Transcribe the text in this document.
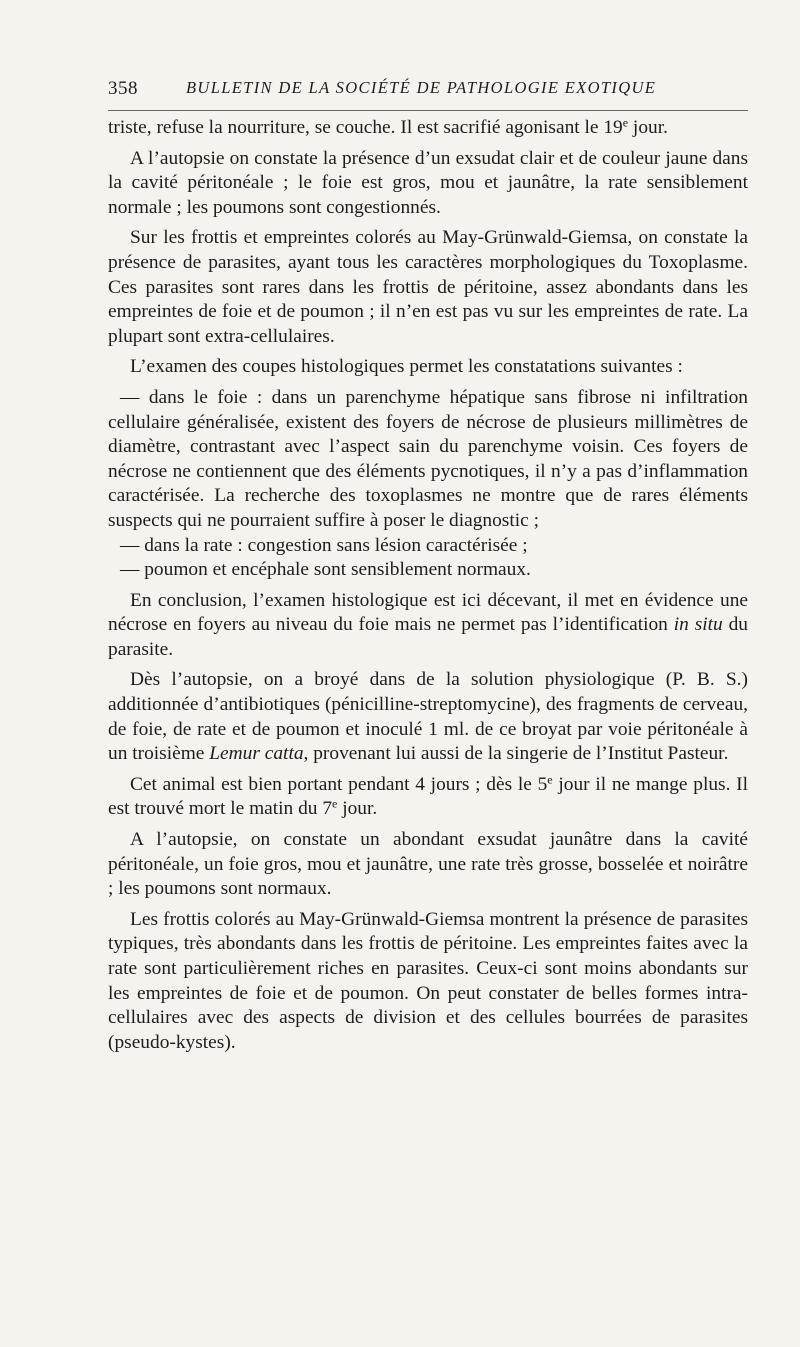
358	BULLETIN DE LA SOCIÉTÉ DE PATHOLOGIE EXOTIQUE

triste, refuse la nourriture, se couche. Il est sacrifié agonisant le 19e jour.

A l’autopsie on constate la présence d’un exsudat clair et de couleur jaune dans la cavité péritonéale ; le foie est gros, mou et jaunâtre, la rate sensiblement normale ; les poumons sont congestionnés.

Sur les frottis et empreintes colorés au May-Grünwald-Giemsa, on constate la présence de parasites, ayant tous les caractères morphologiques du Toxoplasme. Ces parasites sont rares dans les frottis de péritoine, assez abondants dans les empreintes de foie et de poumon ; il n’en est pas vu sur les empreintes de rate. La plupart sont extra-cellulaires.

L’examen des coupes histologiques permet les constatations suivantes :

— dans le foie : dans un parenchyme hépatique sans fibrose ni infiltration cellulaire généralisée, existent des foyers de nécrose de plusieurs millimètres de diamètre, contrastant avec l’aspect sain du parenchyme voisin. Ces foyers de nécrose ne contiennent que des éléments pycnotiques, il n’y a pas d’inflammation caractérisée. La recherche des toxoplasmes ne montre que de rares éléments suspects qui ne pourraient suffire à poser le diagnostic ;

— dans la rate : congestion sans lésion caractérisée ;

— poumon et encéphale sont sensiblement normaux.

En conclusion, l’examen histologique est ici décevant, il met en évidence une nécrose en foyers au niveau du foie mais ne permet pas l’identification in situ du parasite.

Dès l’autopsie, on a broyé dans de la solution physiologique (P. B. S.) additionnée d’antibiotiques (pénicilline-streptomycine), des fragments de cerveau, de foie, de rate et de poumon et inoculé 1 ml. de ce broyat par voie péritonéale à un troisième Lemur catta, provenant lui aussi de la singerie de l’Institut Pasteur.

Cet animal est bien portant pendant 4 jours ; dès le 5e jour il ne mange plus. Il est trouvé mort le matin du 7e jour.

A l’autopsie, on constate un abondant exsudat jaunâtre dans la cavité péritonéale, un foie gros, mou et jaunâtre, une rate très grosse, bosselée et noirâtre ; les poumons sont normaux.

Les frottis colorés au May-Grünwald-Giemsa montrent la présence de parasites typiques, très abondants dans les frottis de péritoine. Les empreintes faites avec la rate sont particulièrement riches en parasites. Ceux-ci sont moins abondants sur les empreintes de foie et de poumon. On peut constater de belles formes intra-cellulaires avec des aspects de division et des cellules bourrées de parasites (pseudo-kystes).
